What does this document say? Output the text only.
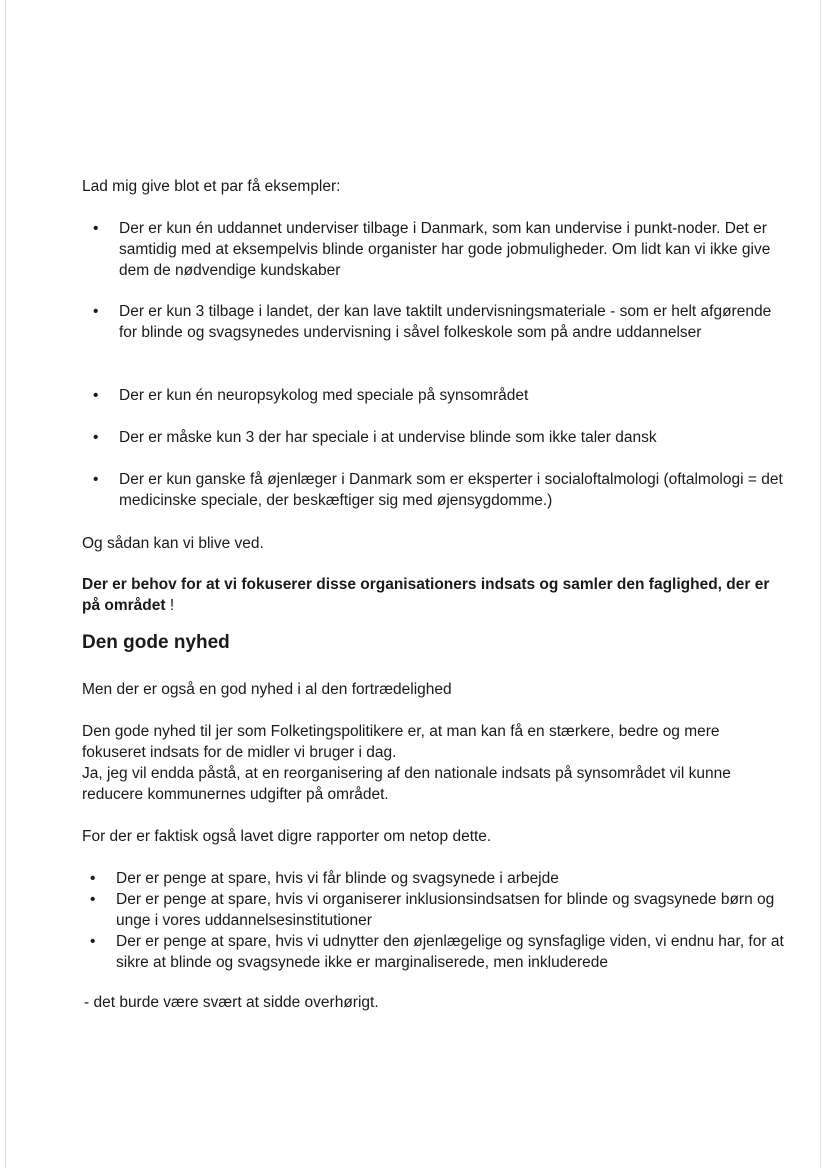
Lad mig give blot et par få eksempler:

•	Der er kun én uddannet underviser tilbage i Danmark, som kan undervise i punkt-noder. Det er samtidig med at eksempelvis blinde organister har gode jobmuligheder. Om lidt kan vi ikke give dem de nødvendige kundskaber
•	Der er kun 3 tilbage i landet, der kan lave taktilt undervisningsmateriale - som er helt afgørende for blinde og svagsynedes undervisning i såvel folkeskole som på andre uddannelser
•	Der er kun én neuropsykolog med speciale på synsområdet
•	Der er måske kun 3 der har speciale i at undervise blinde som ikke taler dansk
•	Der er kun ganske få øjenlæger i Danmark som er eksperter i socialoftalmologi (oftalmologi = det medicinske speciale, der beskæftiger sig med øjensygdomme.)

Og sådan kan vi blive ved.

Der er behov for at vi fokuserer disse organisationers indsats og samler den faglighed, der er på området !

Den gode nyhed

Men der er også en god nyhed i al den fortrædelighed

Den gode nyhed til jer som Folketingspolitikere er, at man kan få en stærkere, bedre og mere fokuseret indsats for de midler vi bruger i dag.

Ja, jeg vil endda påstå, at en reorganisering af den nationale indsats på synsområdet vil kunne reducere kommunernes udgifter på området.

For der er faktisk også lavet digre rapporter om netop dette.

• Der er penge at spare, hvis vi får blinde og svagsynede i arbejde
• Der er penge at spare, hvis vi organiserer inklusionsindsatsen for blinde og svagsynede børn og unge i vores uddannelsesinstitutioner
• Der er penge at spare, hvis vi udnytter den øjenlægelige og synsfaglige viden, vi endnu har, for at sikre at blinde og svagsynede ikke er marginaliserede, men inkluderede
- det burde være svært at sidde overhørigt.
